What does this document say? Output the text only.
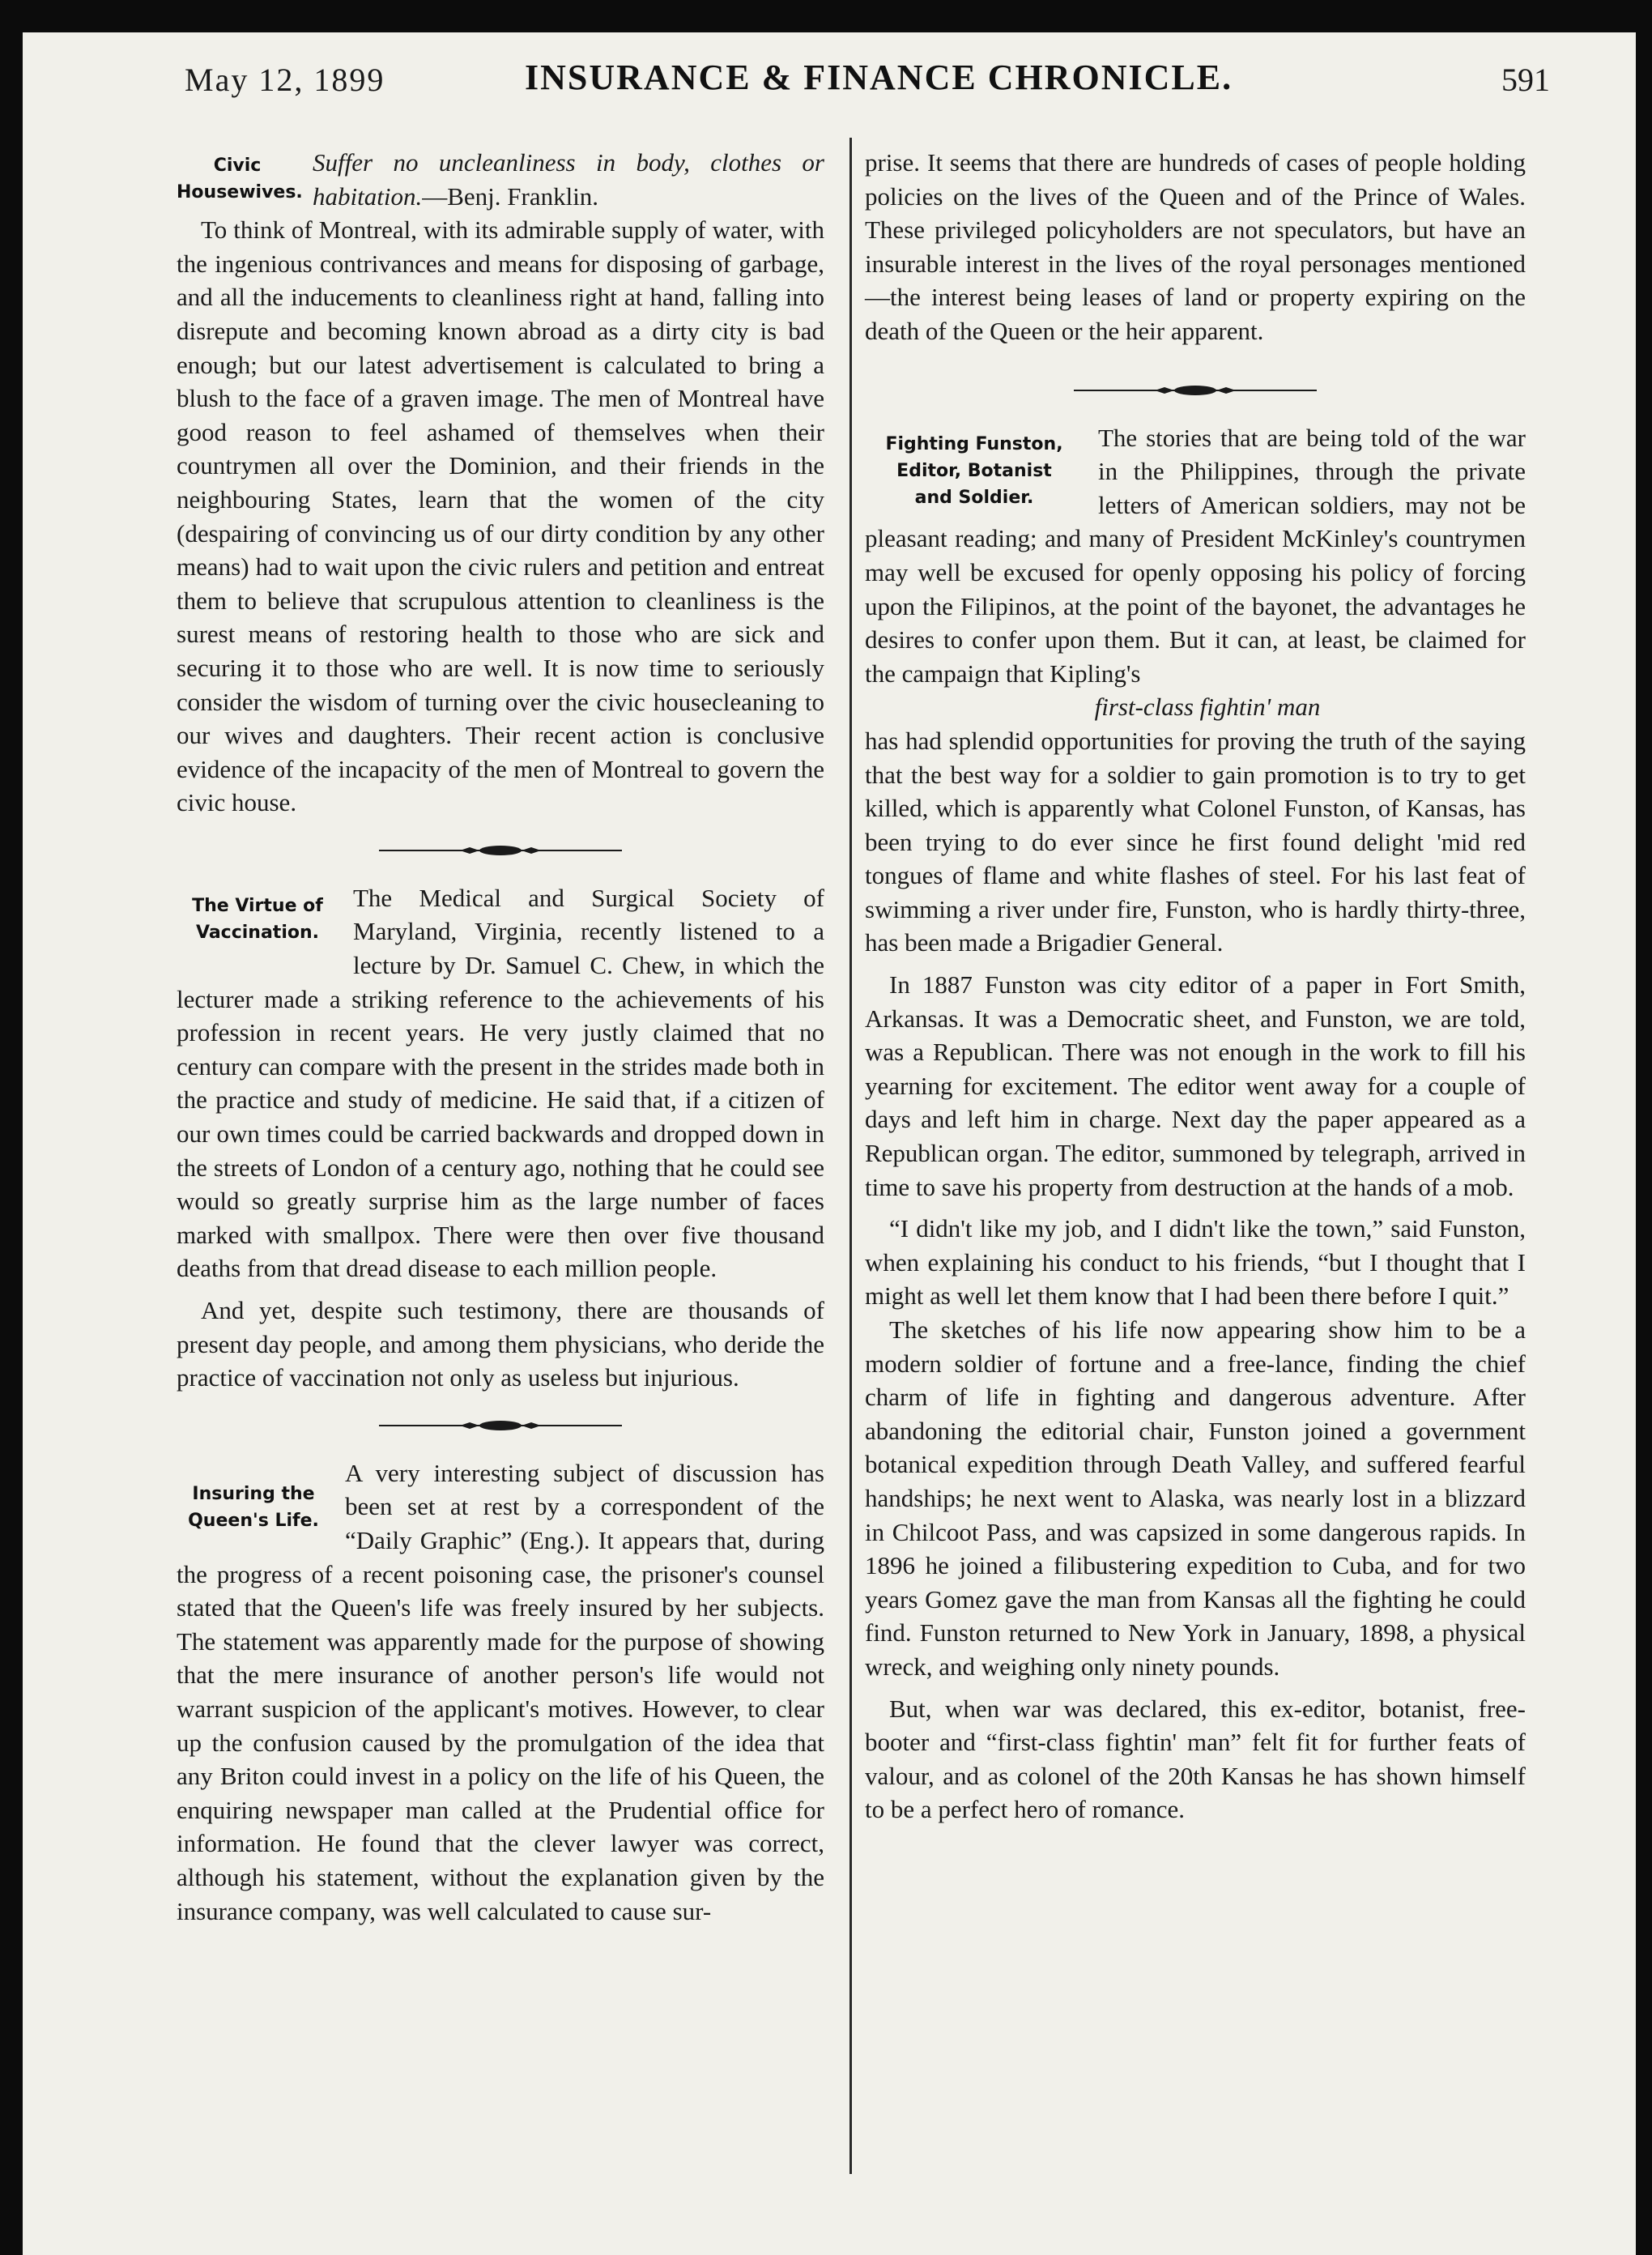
May 12, 1899	INSURANCE & FINANCE CHRONICLE.	591
Civic
Housewives.

Suffer no uncleanliness in body, clothes or habitation.—Benj. Franklin.

To think of Montreal, with its admirable supply of water, with the ingenious contrivances and means for disposing of garbage, and all the inducements to cleanliness right at hand, falling into disrepute and becoming known abroad as a dirty city is bad enough; but our latest advertisement is calculated to bring a blush to the face of a graven image. The men of Montreal have good reason to feel ashamed of themselves when their countrymen all over the Dominion, and their friends in the neighbouring States, learn that the women of the city (despairing of convincing us of our dirty condition by any other means) had to wait upon the civic rulers and petition and entreat them to believe that scrupulous attention to cleanliness is the surest means of restoring health to those who are sick and securing it to those who are well. It is now time to seriously consider the wisdom of turning over the civic housecleaning to our wives and daughters. Their recent action is conclusive evidence of the incapacity of the men of Montreal to govern the civic house.

The Virtue of
Vaccination.

The Medical and Surgical Society of Maryland, Virginia, recently listened to a lecture by Dr. Samuel C. Chew, in which the lecturer made a striking reference to the achievements of his profession in recent years. He very justly claimed that no century can compare with the present in the strides made both in the practice and study of medicine. He said that, if a citizen of our own times could be carried backwards and dropped down in the streets of London of a century ago, nothing that he could see would so greatly surprise him as the large number of faces marked with smallpox. There were then over five thousand deaths from that dread disease to each million people.

And yet, despite such testimony, there are thousands of present day people, and among them physicians, who deride the practice of vaccination not only as useless but injurious.

Insuring the
Queen's Life.

A very interesting subject of discussion has been set at rest by a correspondent of the “Daily Graphic” (Eng.). It appears that, during the progress of a recent poisoning case, the prisoner's counsel stated that the Queen's life was freely insured by her subjects. The statement was apparently made for the purpose of showing that the mere insurance of another person's life would not warrant suspicion of the applicant's motives. However, to clear up the confusion caused by the promulgation of the idea that any Briton could invest in a policy on the life of his Queen, the enquiring newspaper man called at the Prudential office for information. He found that the clever lawyer was correct, although his statement, without the explanation given by the insurance company, was well calculated to cause sur-

prise. It seems that there are hundreds of cases of people holding policies on the lives of the Queen and of the Prince of Wales. These privileged policyholders are not speculators, but have an insurable interest in the lives of the royal personages mentioned —the interest being leases of land or property expiring on the death of the Queen or the heir apparent.

Fighting Funston,
Editor, Botanist
and Soldier.

The stories that are being told of the war in the Philippines, through the private letters of American soldiers, may not be pleasant reading; and many of President McKinley's countrymen may well be excused for openly opposing his policy of forcing upon the Filipinos, at the point of the bayonet, the advantages he desires to confer upon them. But it can, at least, be claimed for the campaign that Kipling's

first-class fightin' man

has had splendid opportunities for proving the truth of the saying that the best way for a soldier to gain promotion is to try to get killed, which is apparently what Colonel Funston, of Kansas, has been trying to do ever since he first found delight 'mid red tongues of flame and white flashes of steel. For his last feat of swimming a river under fire, Funston, who is hardly thirty-three, has been made a Brigadier General.

In 1887 Funston was city editor of a paper in Fort Smith, Arkansas. It was a Democratic sheet, and Funston, we are told, was a Republican. There was not enough in the work to fill his yearning for excitement. The editor went away for a couple of days and left him in charge. Next day the paper appeared as a Republican organ. The editor, summoned by telegraph, arrived in time to save his property from destruction at the hands of a mob.

“I didn't like my job, and I didn't like the town,” said Funston, when explaining his conduct to his friends, “but I thought that I might as well let them know that I had been there before I quit.”

The sketches of his life now appearing show him to be a modern soldier of fortune and a free-lance, finding the chief charm of life in fighting and dangerous adventure. After abandoning the editorial chair, Funston joined a government botanical expedition through Death Valley, and suffered fearful handships; he next went to Alaska, was nearly lost in a blizzard in Chilcoot Pass, and was capsized in some dangerous rapids. In 1896 he joined a filibustering expedition to Cuba, and for two years Gomez gave the man from Kansas all the fighting he could find. Funston returned to New York in January, 1898, a physical wreck, and weighing only ninety pounds.

But, when war was declared, this ex-editor, botanist, free-booter and “first-class fightin' man” felt fit for further feats of valour, and as colonel of the 20th Kansas he has shown himself to be a perfect hero of romance.
